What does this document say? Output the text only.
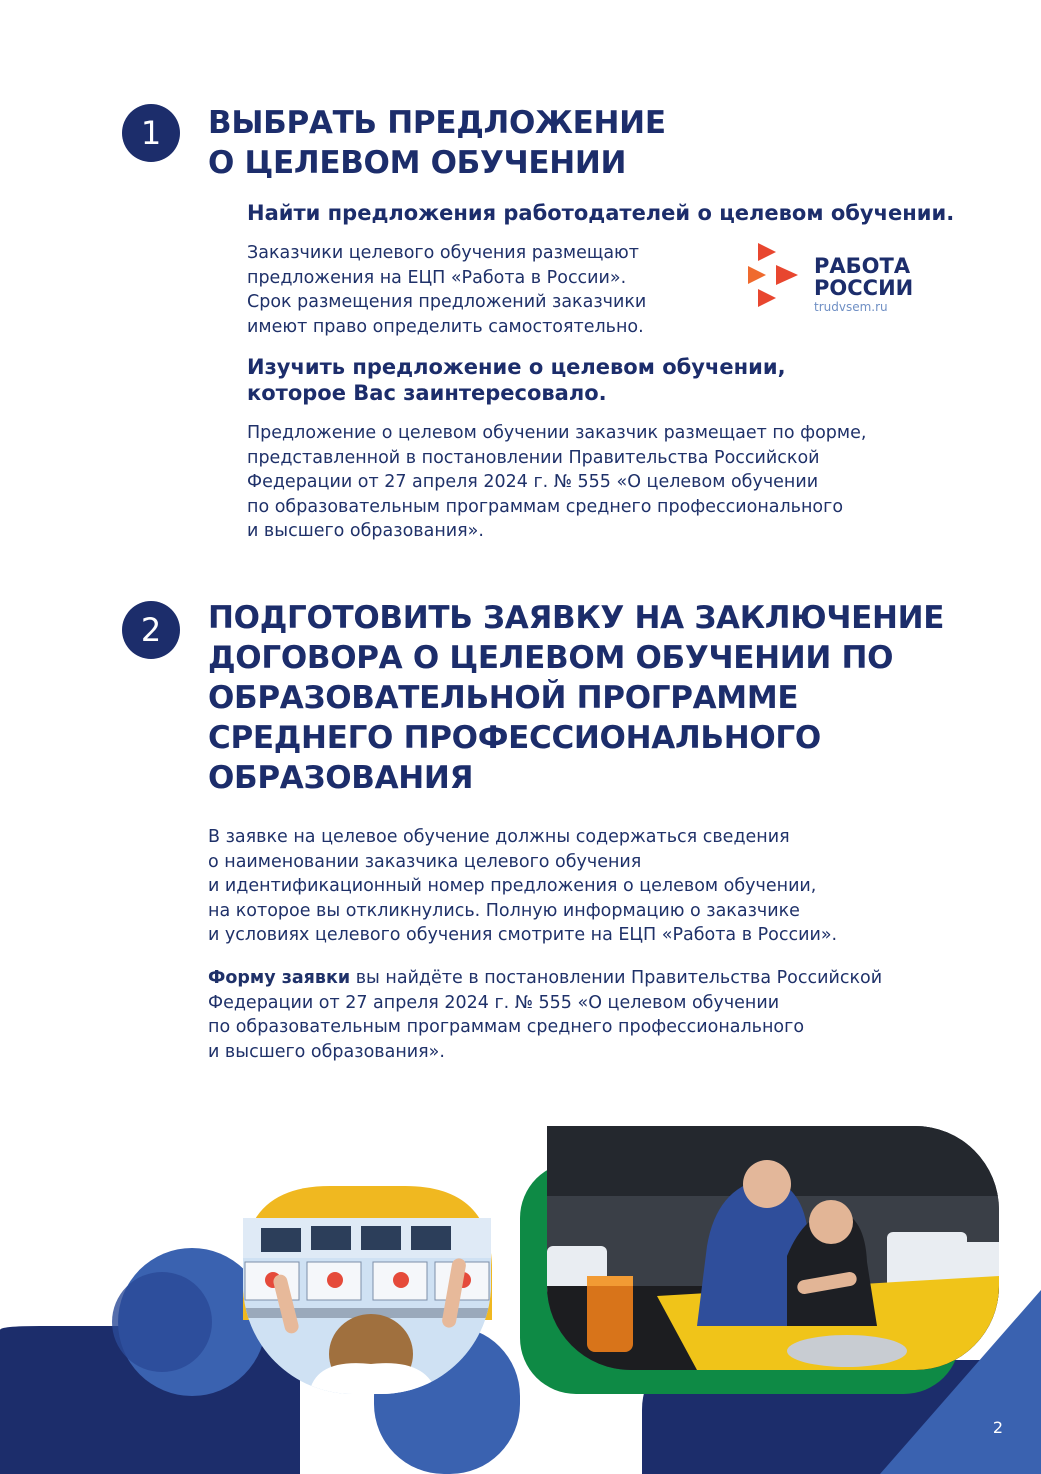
1	ВЫБРАТЬ ПРЕДЛОЖЕНИЕ
О ЦЕЛЕВОМ ОБУЧЕНИИ

Найти предложения работодателей о целевом обучении.

Заказчики целевого обучения размещают
предложения на ЕЦП «Работа в России».
Срок размещения предложений заказчики
имеют право определить самостоятельно.

РАБОТА
РОССИИ
trudvsem.ru

Изучить предложение о целевом обучении,
которое Вас заинтересовало.

Предложение о целевом обучении заказчик размещает по форме,
представленной в постановлении Правительства Российской
Федерации от 27 апреля 2024 г. № 555 «О целевом обучении
по образовательным программам среднего профессионального
и высшего образования».

2	ПОДГОТОВИТЬ ЗАЯВКУ НА ЗАКЛЮЧЕНИЕ
ДОГОВОРА О ЦЕЛЕВОМ ОБУЧЕНИИ ПО
ОБРАЗОВАТЕЛЬНОЙ ПРОГРАММЕ
СРЕДНЕГО ПРОФЕССИОНАЛЬНОГО
ОБРАЗОВАНИЯ

В заявке на целевое обучение должны содержаться сведения
о наименовании заказчика целевого обучения
и идентификационный номер предложения о целевом обучении,
на которое вы откликнулись. Полную информацию о заказчике
и условиях целевого обучения смотрите на ЕЦП «Работа в России».

Форму заявки вы найдёте в постановлении Правительства Российской
Федерации от 27 апреля 2024 г. № 555 «О целевом обучении
по образовательным программам среднего профессионального
и высшего образования».

2
